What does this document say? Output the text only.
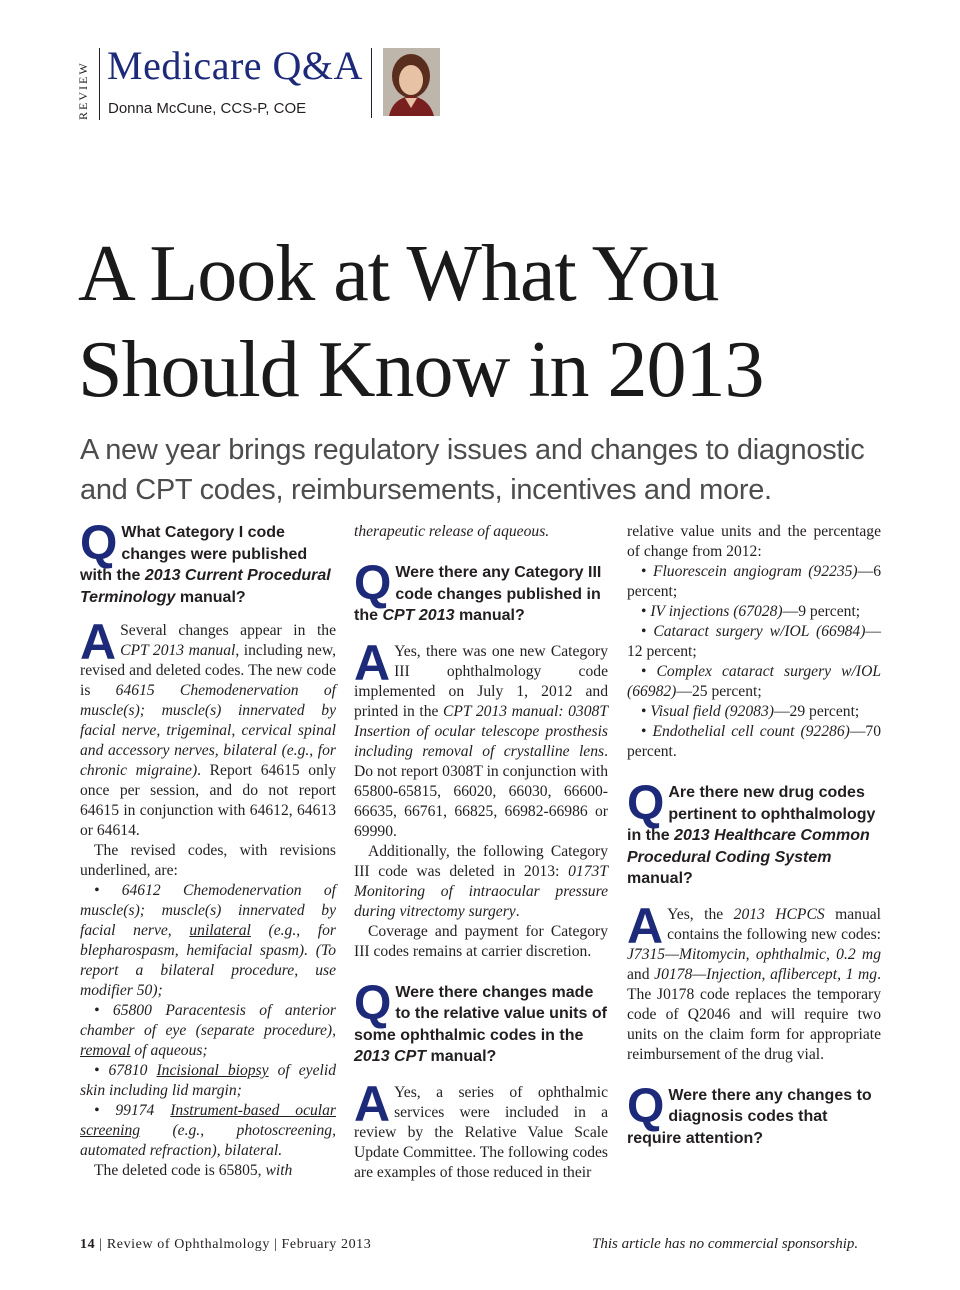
REVIEW Medicare Q&A
Donna McCune, CCS-P, COE
A Look at What You
Should Know in 2013
A new year brings regulatory issues and changes to diagnostic
and CPT codes, reimbursements, incentives and more.
Q What Category I code changes were published with the 2013 Current Procedural Terminology manual?

A Several changes appear in the CPT 2013 manual, including new, revised and deleted codes. The new code is 64615 Chemodenervation of muscle(s); muscle(s) innervated by facial nerve, trigeminal, cervical spinal and accessory nerves, bilateral (e.g., for chronic migraine). Report 64615 only once per session, and do not report 64615 in conjunction with 64612, 64613 or 64614.

The revised codes, with revisions underlined, are:

• 64612 Chemodenervation of muscle(s); muscle(s) innervated by facial nerve, unilateral (e.g., for blepharospasm, hemifacial spasm). (To report a bilateral procedure, use modifier 50);

• 65800 Paracentesis of anterior chamber of eye (separate procedure), removal of aqueous;

• 67810 Incisional biopsy of eyelid skin including lid margin;

• 99174 Instrument-based ocular screening (e.g., photoscreening, automated refraction), bilateral.

The deleted code is 65805, with

therapeutic release of aqueous.

Q Were there any Category III code changes published in the CPT 2013 manual?

A Yes, there was one new Category III ophthalmology code implemented on July 1, 2012 and printed in the CPT 2013 manual: 0308T Insertion of ocular telescope prosthesis including removal of crystalline lens. Do not report 0308T in conjunction with 65800-65815, 66020, 66030, 66600-66635, 66761, 66825, 66982-66986 or 69990.

Additionally, the following Category III code was deleted in 2013: 0173T Monitoring of intraocular pressure during vitrectomy surgery.

Coverage and payment for Category III codes remains at carrier discretion.

Q Were there changes made to the relative value units of some ophthalmic codes in the 2013 CPT manual?

A Yes, a series of ophthalmic services were included in a review by the Relative Value Scale Update Committee. The following codes are examples of those reduced in their

relative value units and the percentage of change from 2012:

• Fluorescein angiogram (92235)—6 percent;

• IV injections (67028)—9 percent;

• Cataract surgery w/IOL (66984)—12 percent;

• Complex cataract surgery w/IOL (66982)—25 percent;

• Visual field (92083)—29 percent;

• Endothelial cell count (92286)—70 percent.

Q Are there new drug codes pertinent to ophthalmology in the 2013 Healthcare Common Procedural Coding System manual?

A Yes, the 2013 HCPCS manual contains the following new codes: J7315—Mitomycin, ophthalmic, 0.2 mg and J0178—Injection, aflibercept, 1 mg. The J0178 code replaces the temporary code of Q2046 and will require two units on the claim form for appropriate reimbursement of the drug vial.

Q Were there any changes to diagnosis codes that require attention?
14 | Review of Ophthalmology | February 2013	This article has no commercial sponsorship.
